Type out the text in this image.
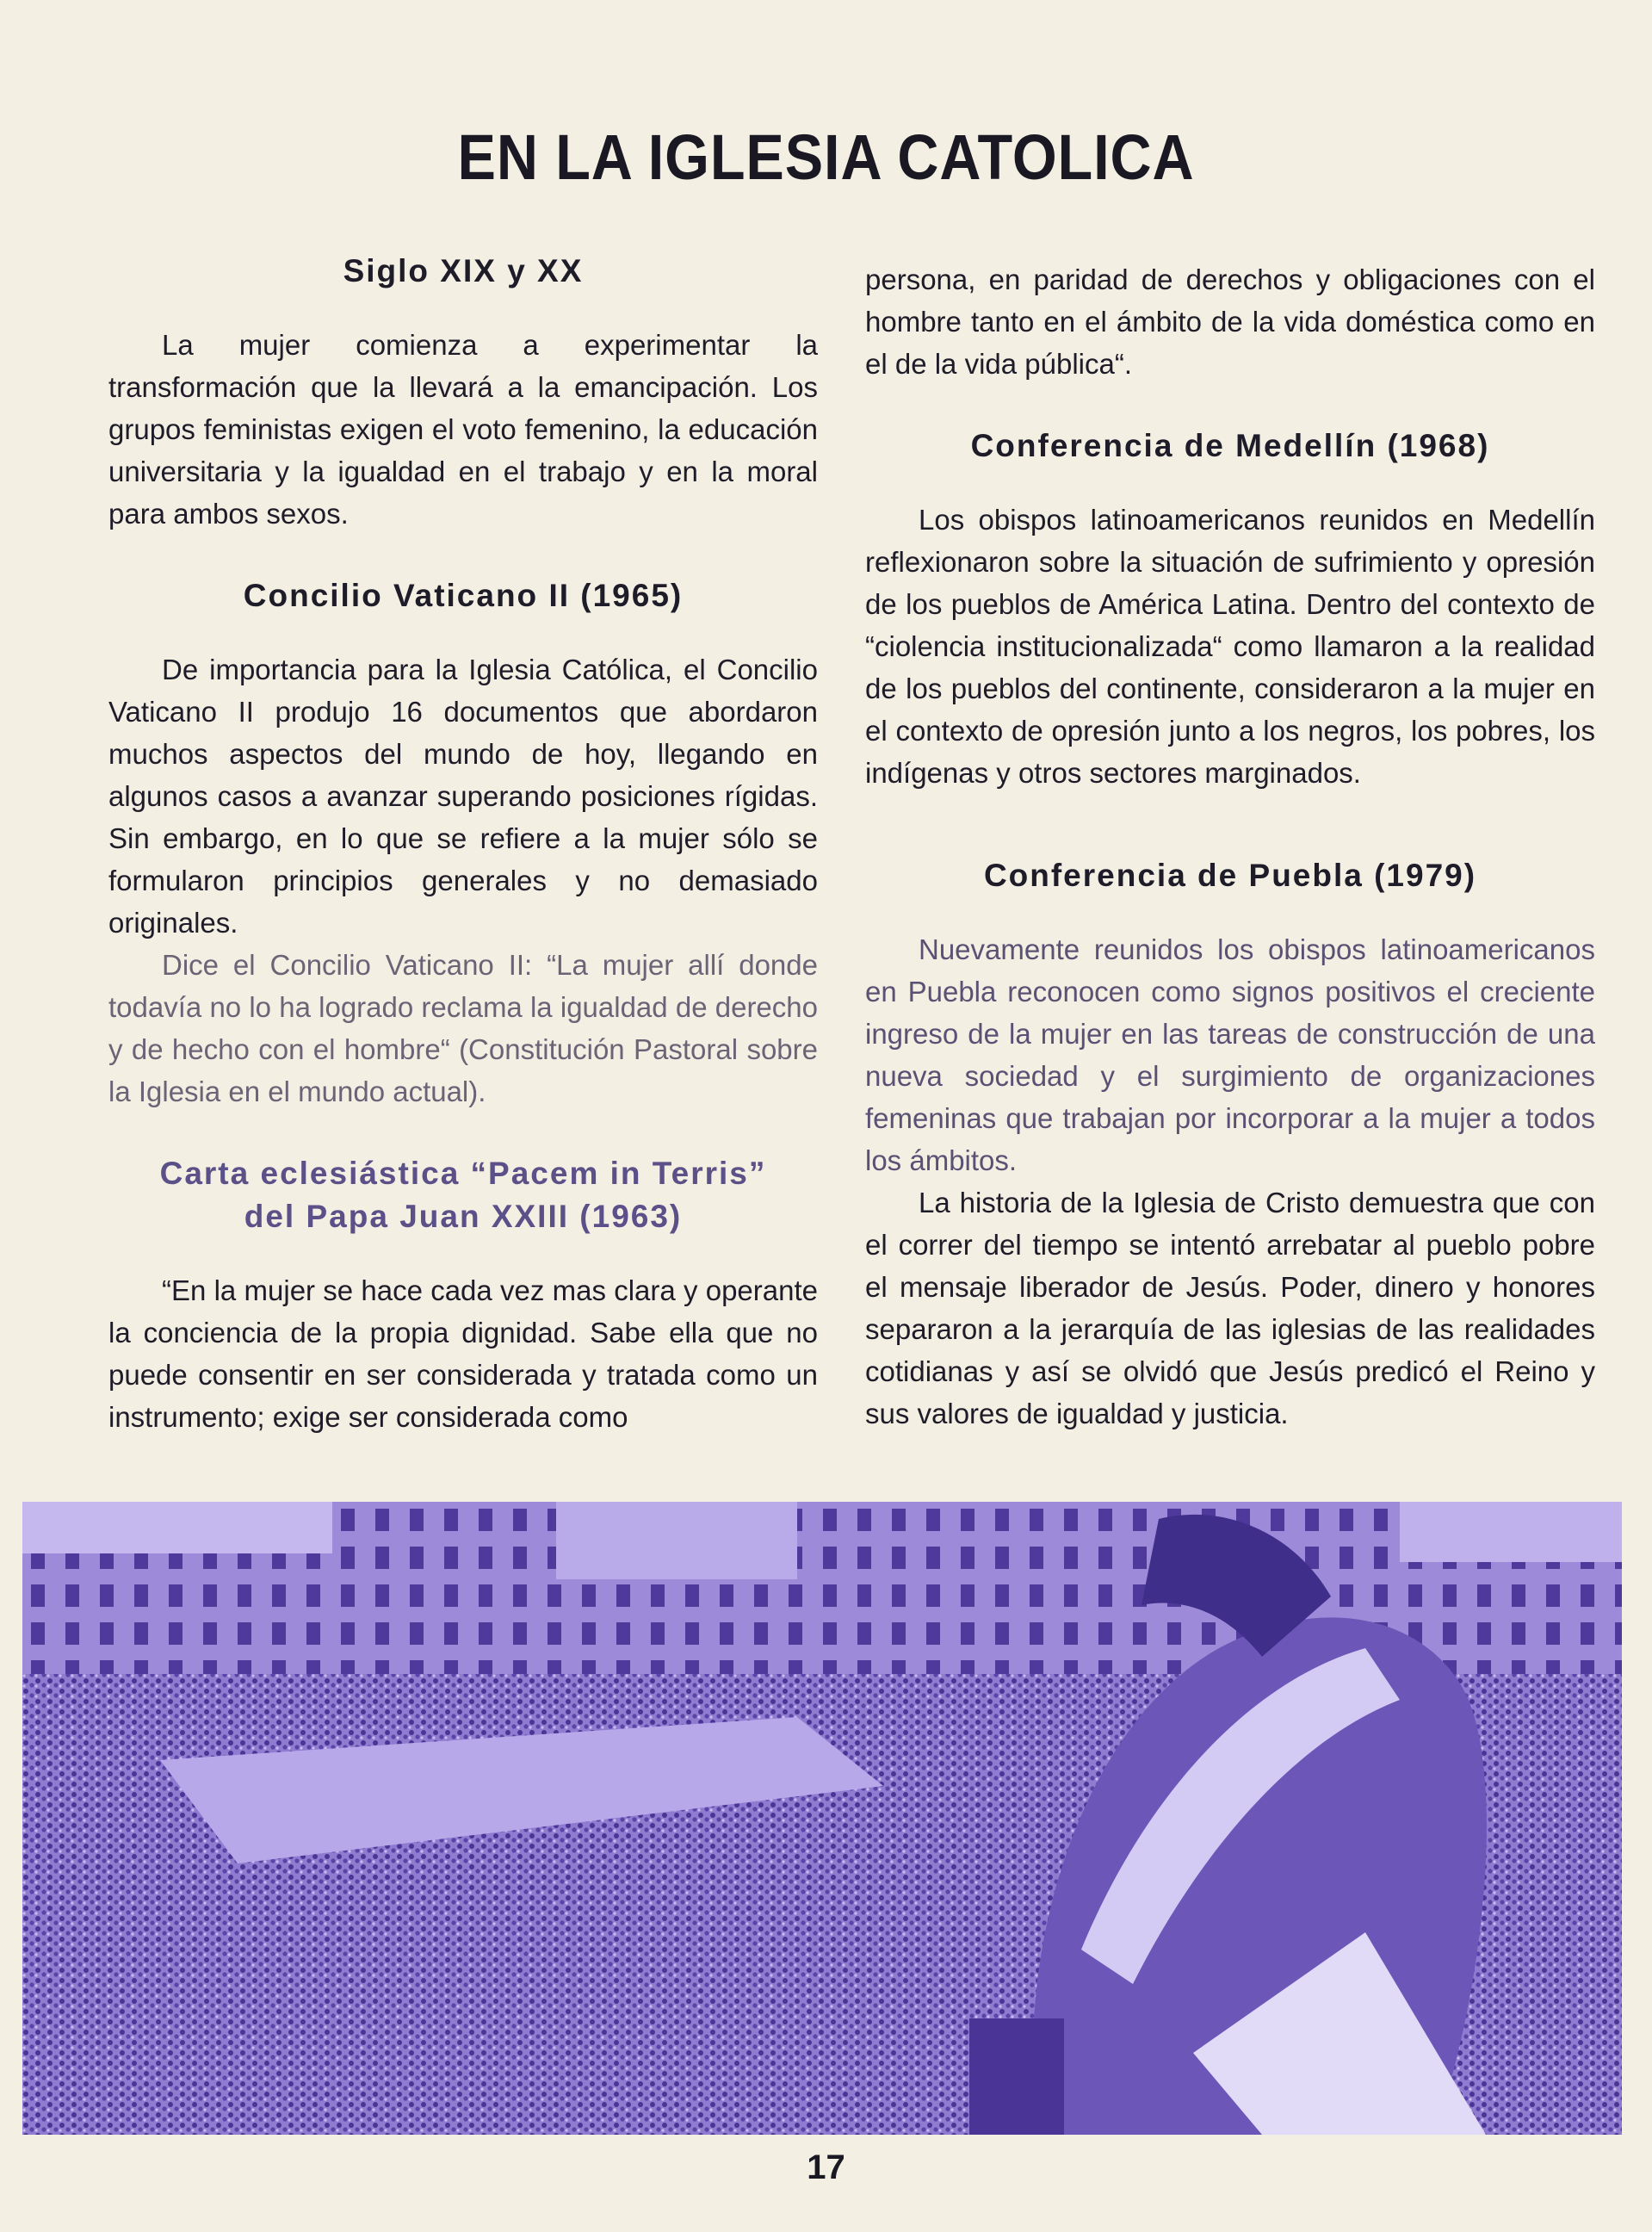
EN LA IGLESIA CATOLICA
Siglo XIX y XX

La mujer comienza a experimentar la transformación que la llevará a la emancipación. Los grupos feministas exigen el voto femenino, la educación universitaria y la igualdad en el trabajo y en la moral para ambos sexos.

Concilio Vaticano II (1965)

De importancia para la Iglesia Católica, el Concilio Vaticano II produjo 16 documentos que abordaron muchos aspectos del mundo de hoy, llegando en algunos casos a avanzar superando posiciones rígidas. Sin embargo, en lo que se refiere a la mujer sólo se formularon principios generales y no demasiado originales.

Dice el Concilio Vaticano II: “La mujer allí donde todavía no lo ha logrado reclama la igualdad de derecho y de hecho con el hombre“ (Constitución Pastoral sobre la Iglesia en el mundo actual).

Carta eclesiástica “Pacem in Terris”
del Papa Juan XXIII (1963)

“En la mujer se hace cada vez mas clara y operante la conciencia de la propia dignidad. Sabe ella que no puede consentir en ser considerada y tratada como un instrumento; exige ser considerada como

persona, en paridad de derechos y obligaciones con el hombre tanto en el ámbito de la vida doméstica como en el de la vida pública“.

Conferencia de Medellín (1968)

Los obispos latinoamericanos reunidos en Medellín reflexionaron sobre la situación de sufrimiento y opresión de los pueblos de América Latina. Dentro del contexto de “ciolencia institucionalizada“ como llamaron a la realidad de los pueblos del continente, consideraron a la mujer en el contexto de opresión junto a los negros, los pobres, los indígenas y otros sectores marginados.

Conferencia de Puebla (1979)

Nuevamente reunidos los obispos latinoamericanos en Puebla reconocen como signos positivos el creciente ingreso de la mujer en las tareas de construcción de una nueva sociedad y el surgimiento de organizaciones femeninas que trabajan por incorporar a la mujer a todos los ámbitos.

La historia de la Iglesia de Cristo demuestra que con el correr del tiempo se intentó arrebatar al pueblo pobre el mensaje liberador de Jesús. Poder, dinero y honores separaron a la jerarquía de las iglesias de las realidades cotidianas y así se olvidó que Jesús predicó el Reino y sus valores de igualdad y justicia.

17
